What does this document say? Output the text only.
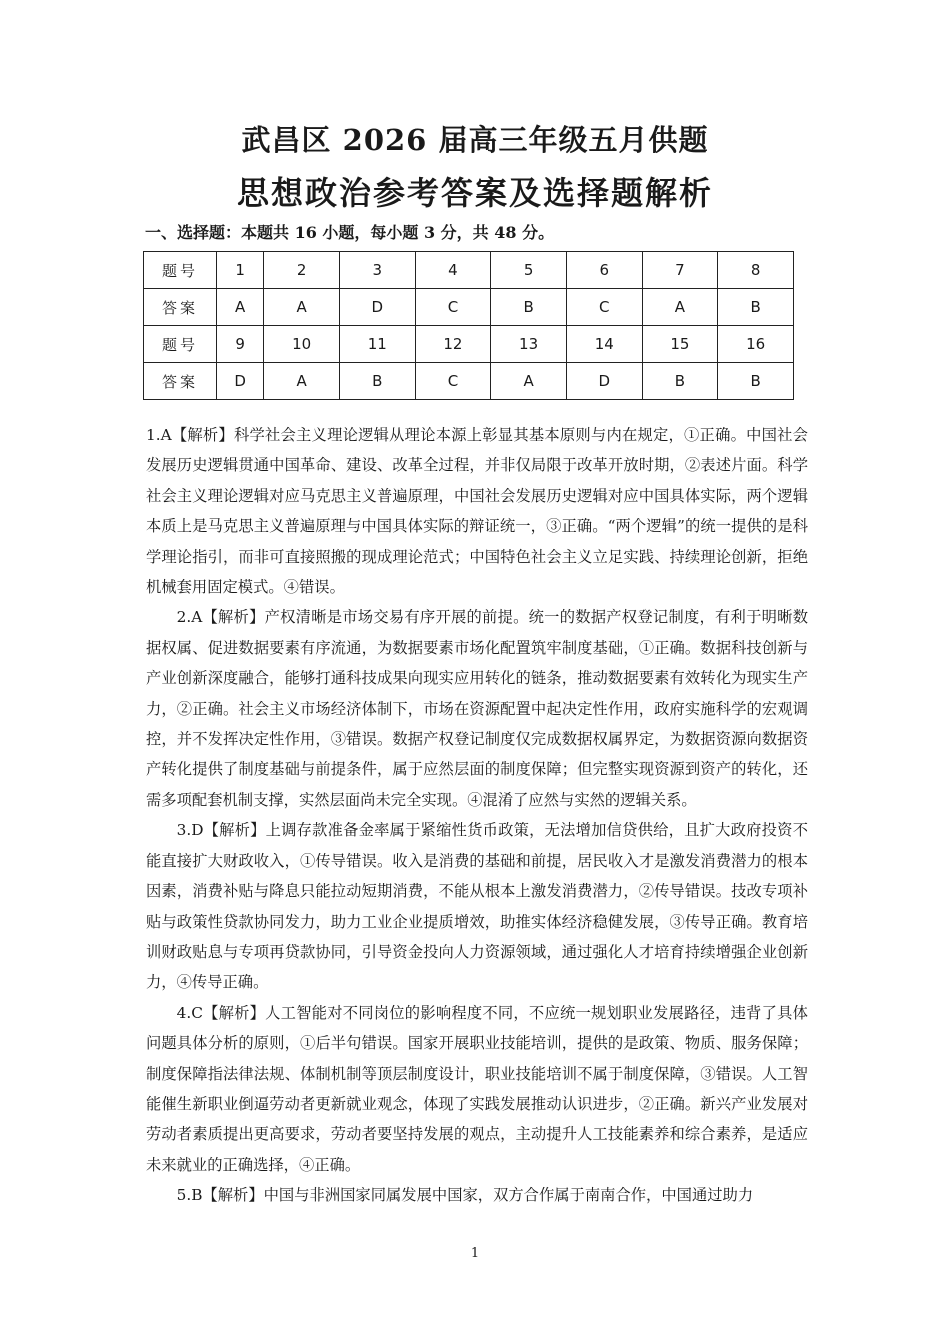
武昌区 2026 届高三年级五月供题
思想政治参考答案及选择题解析
一、选择题：本题共 16 小题，每小题 3 分，共 48 分。
题号	1	2	3	4	5	6	7	8
答案	A	A	D	C	B	C	A	B
题号	9	10	11	12	13	14	15	16
答案	D	A	B	C	A	D	B	B

1.A【解析】科学社会主义理论逻辑从理论本源上彰显其基本原则与内在规定，①正确。中国社会发展历史逻辑贯通中国革命、建设、改革全过程，并非仅局限于改革开放时期，②表述片面。科学社会主义理论逻辑对应马克思主义普遍原理，中国社会发展历史逻辑对应中国具体实际，两个逻辑本质上是马克思主义普遍原理与中国具体实际的辩证统一，③正确。“两个逻辑”的统一提供的是科学理论指引，而非可直接照搬的现成理论范式；中国特色社会主义立足实践、持续理论创新，拒绝机械套用固定模式。④错误。

2.A【解析】产权清晰是市场交易有序开展的前提。统一的数据产权登记制度，有利于明晰数据权属、促进数据要素有序流通，为数据要素市场化配置筑牢制度基础，①正确。数据科技创新与产业创新深度融合，能够打通科技成果向现实应用转化的链条，推动数据要素有效转化为现实生产力，②正确。社会主义市场经济体制下，市场在资源配置中起决定性作用，政府实施科学的宏观调控，并不发挥决定性作用，③错误。数据产权登记制度仅完成数据权属界定，为数据资源向数据资产转化提供了制度基础与前提条件，属于应然层面的制度保障；但完整实现资源到资产的转化，还需多项配套机制支撑，实然层面尚未完全实现。④混淆了应然与实然的逻辑关系。

3.D【解析】上调存款准备金率属于紧缩性货币政策，无法增加信贷供给，且扩大政府投资不能直接扩大财政收入，①传导错误。收入是消费的基础和前提，居民收入才是激发消费潜力的根本因素，消费补贴与降息只能拉动短期消费，不能从根本上激发消费潜力，②传导错误。技改专项补贴与政策性贷款协同发力，助力工业企业提质增效，助推实体经济稳健发展，③传导正确。教育培训财政贴息与专项再贷款协同，引导资金投向人力资源领域，通过强化人才培育持续增强企业创新力，④传导正确。

4.C【解析】人工智能对不同岗位的影响程度不同，不应统一规划职业发展路径，违背了具体问题具体分析的原则，①后半句错误。国家开展职业技能培训，提供的是政策、物质、服务保障；制度保障指法律法规、体制机制等顶层制度设计，职业技能培训不属于制度保障，③错误。人工智能催生新职业倒逼劳动者更新就业观念，体现了实践发展推动认识进步，②正确。新兴产业发展对劳动者素质提出更高要求，劳动者要坚持发展的观点，主动提升人工技能素养和综合素养，是适应未来就业的正确选择，④正确。

5.B【解析】中国与非洲国家同属发展中国家，双方合作属于南南合作，中国通过助力

1
